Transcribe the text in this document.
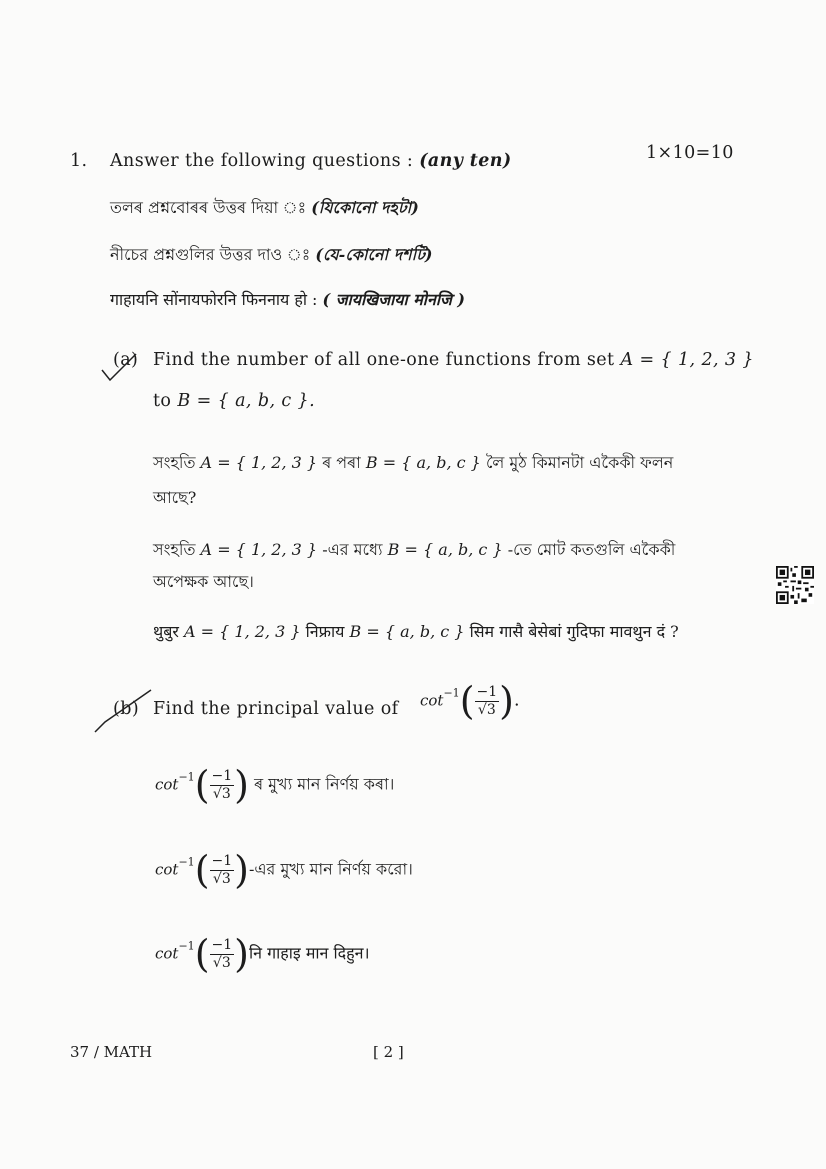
1. Answer the following questions : (any ten)	1×10=10
তলৰ প্ৰশ্নবোৰৰ উত্তৰ দিয়া ঃ (যিকোনো দহটা)
নীচের প্রশ্নগুলির উত্তর দাও ঃ (যে-কোনো দশটি)
गाहायनि सोंनायफोरनि फिननाय हो : ( जायखिजाया मोनजि )
(a) Find the number of all one-one functions from set A = { 1, 2, 3 }
to B = { a, b, c }.
সংহতি A = { 1, 2, 3 } ৰ পৰা B = { a, b, c } লৈ মুঠ কিমানটা একৈকী ফলন
আছে?
সংহতি A = { 1, 2, 3 } -এর মধ্যে B = { a, b, c } -তে মোট কতগুলি একৈকী
অপেক্ষক আছে।
थुबुर A = { 1, 2, 3 } निफ्राय B = { a, b, c } सिम गासै बेसेबां गुदिफा मावथुन दं ?
(b) Find the principal value of $\cot^{-1}( \frac{-1}{√3}$ ).
$\cot^{-1}( \frac{-1}{√3}$ ) ৰ মুখ্য মান নিৰ্ণয় কৰা।
$\cot^{-1}( \frac{-1}{√3}$ )-এর মুখ্য মান নির্ণয় করো।
$\cot^{-1}( \frac{-1}{√3}$ )नि गाहाइ मान दिहुन।
37 / MATH	[ 2 ]
